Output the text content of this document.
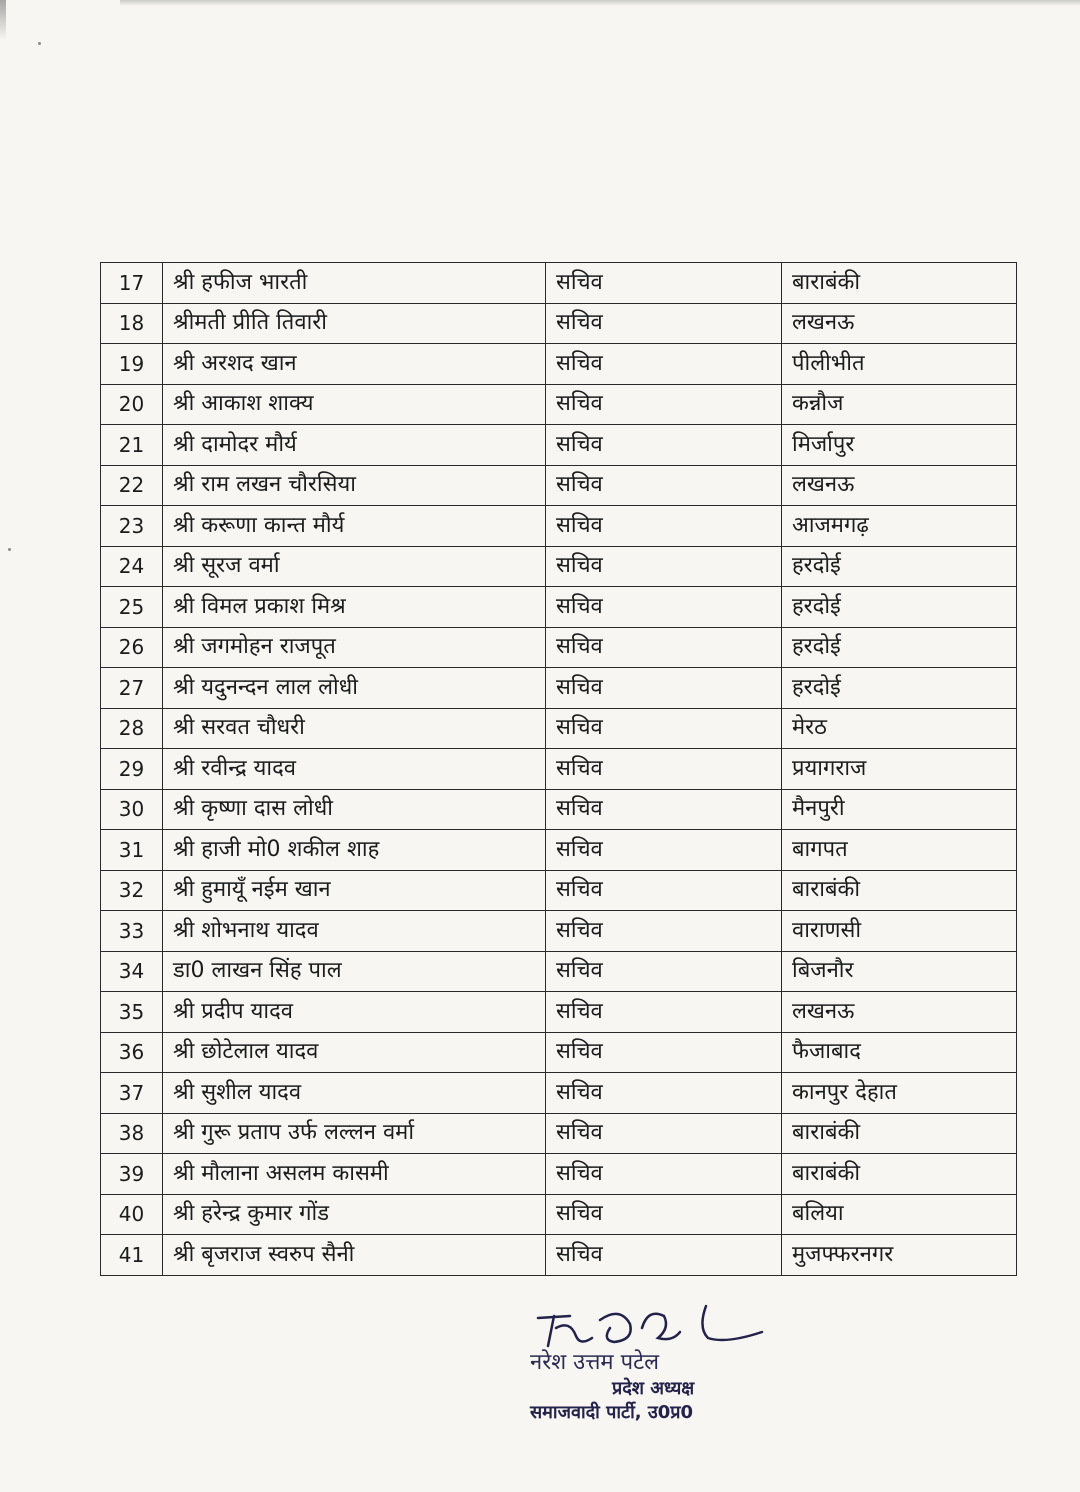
17	श्री हफीज भारती	सचिव	बाराबंकी
18	श्रीमती प्रीति तिवारी	सचिव	लखनऊ
19	श्री अरशद खान	सचिव	पीलीभीत
20	श्री आकाश शाक्य	सचिव	कन्नौज
21	श्री दामोदर मौर्य	सचिव	मिर्जापुर
22	श्री राम लखन चौरसिया	सचिव	लखनऊ
23	श्री करूणा कान्त मौर्य	सचिव	आजमगढ़
24	श्री सूरज वर्मा	सचिव	हरदोई
25	श्री विमल प्रकाश मिश्र	सचिव	हरदोई
26	श्री जगमोहन राजपूत	सचिव	हरदोई
27	श्री यदुनन्दन लाल लोधी	सचिव	हरदोई
28	श्री सरवत चौधरी	सचिव	मेरठ
29	श्री रवीन्द्र यादव	सचिव	प्रयागराज
30	श्री कृष्णा दास लोधी	सचिव	मैनपुरी
31	श्री हाजी मो0 शकील शाह	सचिव	बागपत
32	श्री हुमायूँ नईम खान	सचिव	बाराबंकी
33	श्री शोभनाथ यादव	सचिव	वाराणसी
34	डा0 लाखन सिंह पाल	सचिव	बिजनौर
35	श्री प्रदीप यादव	सचिव	लखनऊ
36	श्री छोटेलाल यादव	सचिव	फैजाबाद
37	श्री सुशील यादव	सचिव	कानपुर देहात
38	श्री गुरू प्रताप उर्फ लल्लन वर्मा	सचिव	बाराबंकी
39	श्री मौलाना असलम कासमी	सचिव	बाराबंकी
40	श्री हरेन्द्र कुमार गोंड	सचिव	बलिया
41	श्री बृजराज स्वरुप सैनी	सचिव	मुजफ्फरनगर
नरेश उत्तम पटेल
प्रदेश अध्यक्ष
समाजवादी पार्टी, उ0प्र0
